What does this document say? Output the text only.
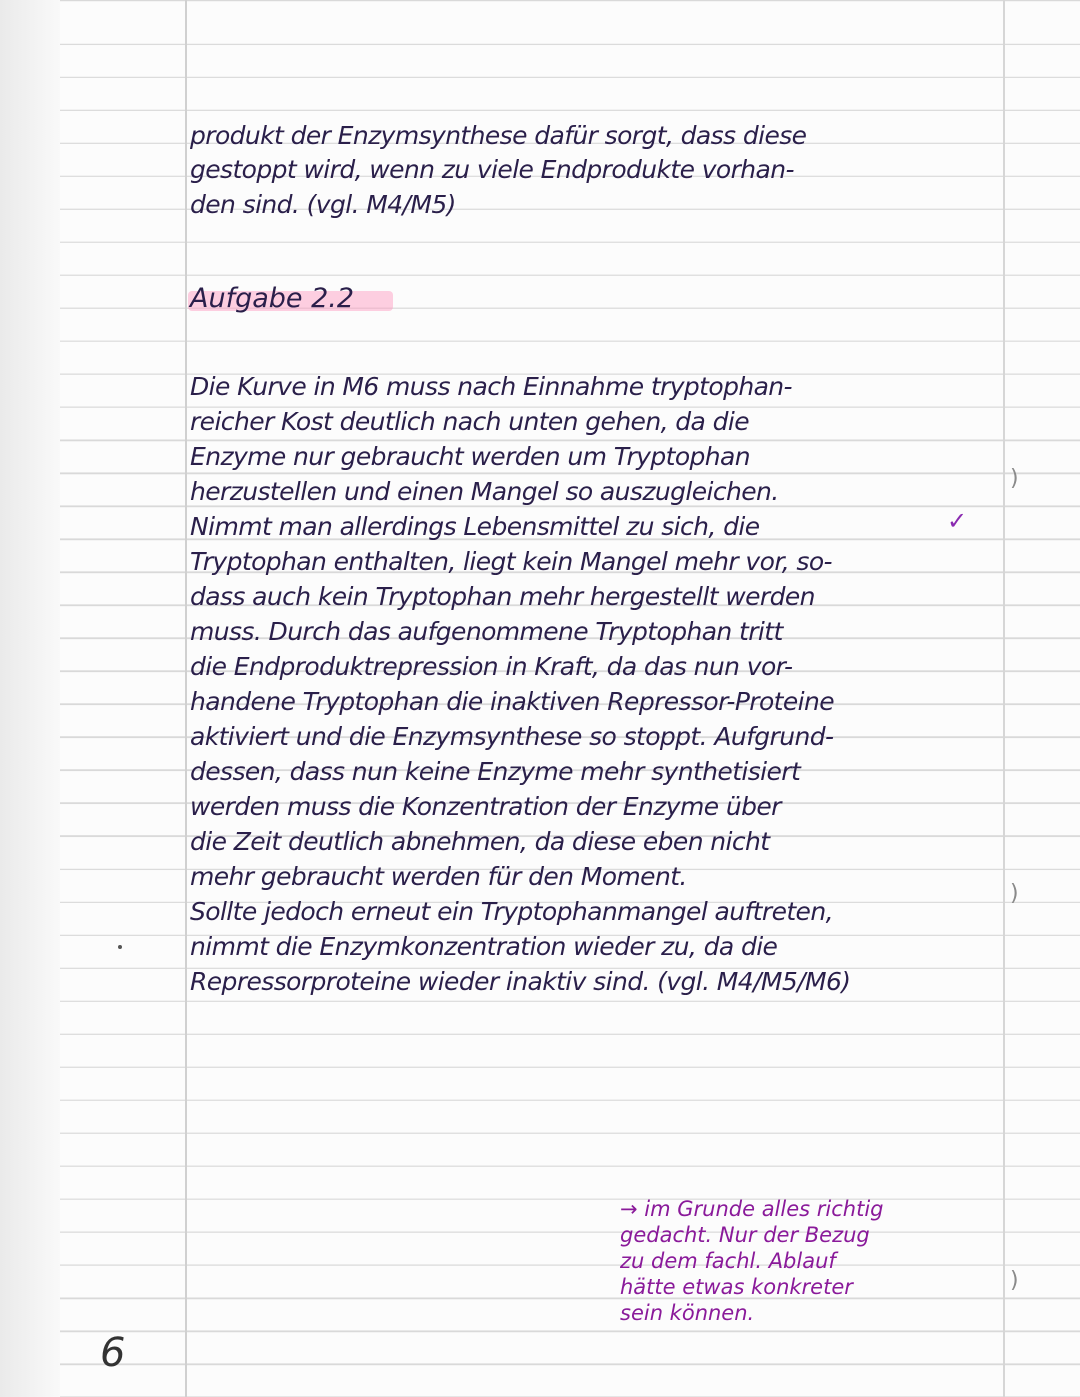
produkt der Enzymsynthese dafür sorgt, dass diese
gestoppt wird, wenn zu viele Endprodukte vorhan-
den sind. (vgl. M4/M5)
Aufgabe 2.2
Die Kurve in M6 muss nach Einnahme tryptophan-
reicher Kost deutlich nach unten gehen, da die
Enzyme nur gebraucht werden um Tryptophan
herzustellen und einen Mangel so auszugleichen.
Nimmt man allerdings Lebensmittel zu sich, die
Tryptophan enthalten, liegt kein Mangel mehr vor, so-
dass auch kein Tryptophan mehr hergestellt werden
muss. Durch das aufgenommene Tryptophan tritt
die Endproduktrepression in Kraft, da das nun vor-
handene Tryptophan die inaktiven Repressor-Proteine
aktiviert und die Enzymsynthese so stoppt. Aufgrund-
dessen, dass nun keine Enzyme mehr synthetisiert
werden muss die Konzentration der Enzyme über
die Zeit deutlich abnehmen, da diese eben nicht
mehr gebraucht werden für den Moment.
Sollte jedoch erneut ein Tryptophanmangel auftreten,
nimmt die Enzymkonzentration wieder zu, da die
Repressorproteine wieder inaktiv sind. (vgl. M4/M5/M6)
✓
→ im Grunde alles richtig
gedacht. Nur der Bezug
zu dem fachl. Ablauf
hätte etwas konkreter
sein können.
)
)
)
6
